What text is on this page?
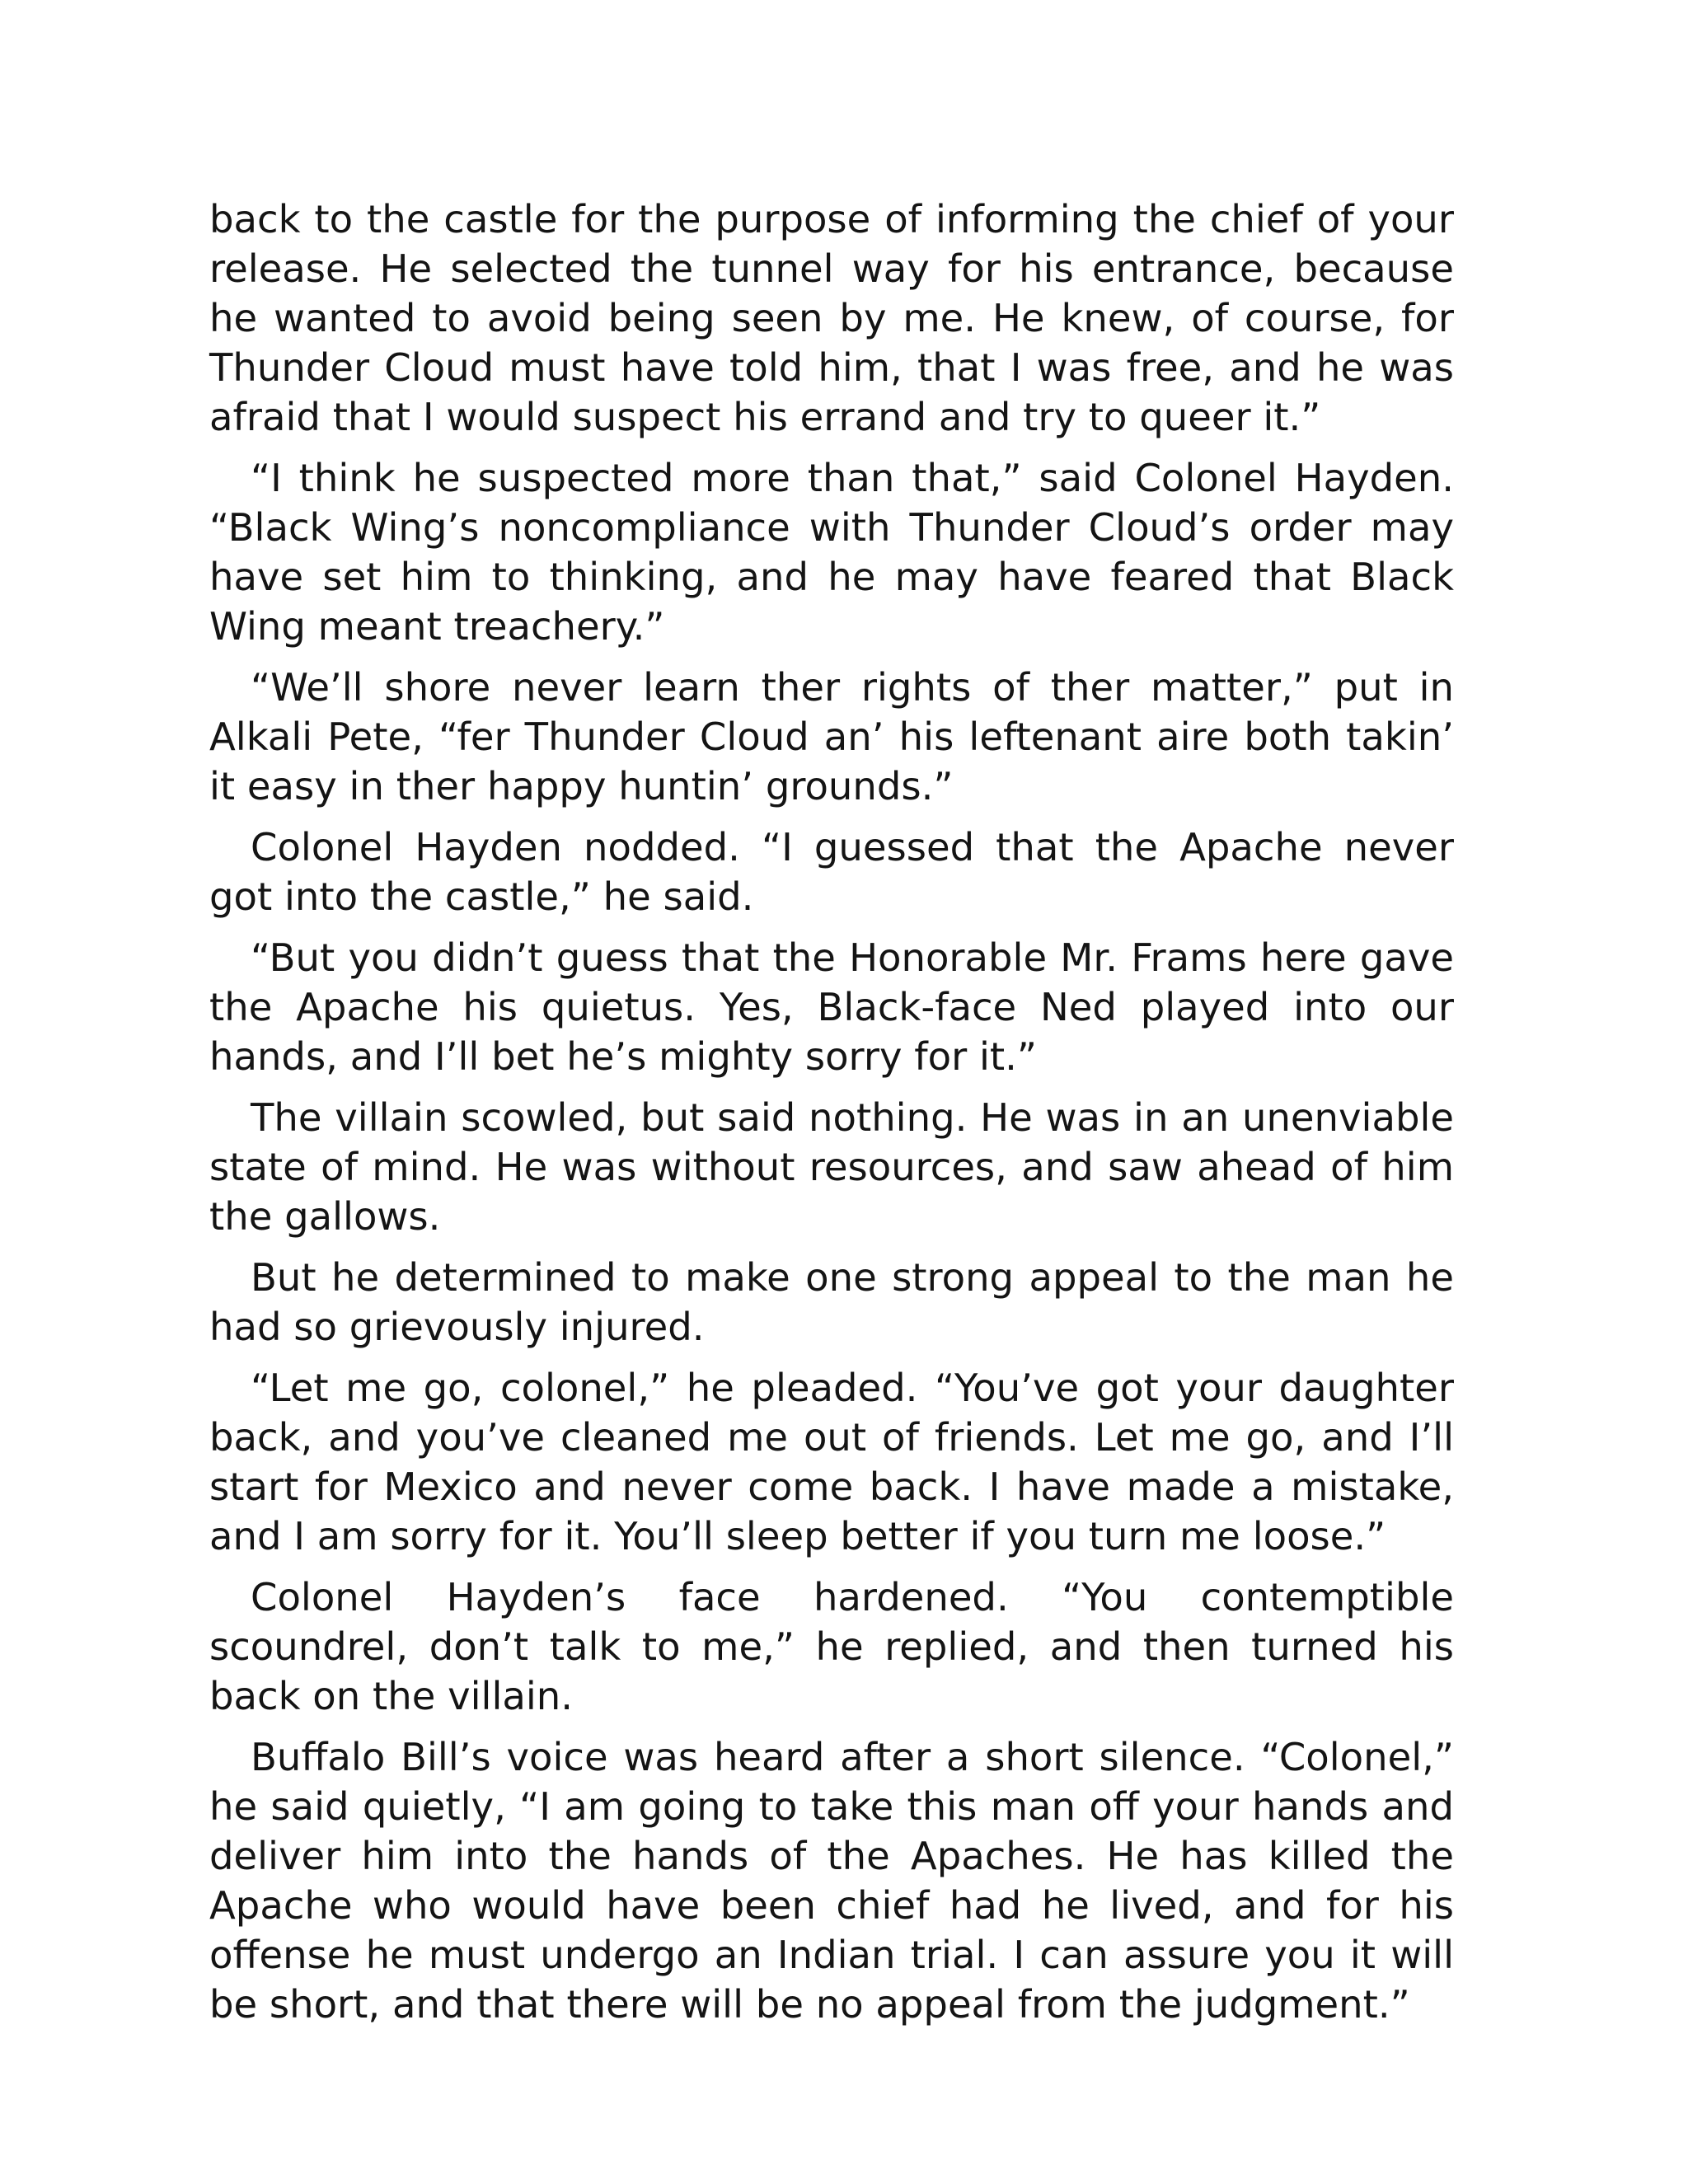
back to the castle for the purpose of informing the chief of your release. He selected the tunnel way for his entrance, because he wanted to avoid being seen by me. He knew, of course, for Thunder Cloud must have told him, that I was free, and he was afraid that I would suspect his errand and try to queer it.”

“I think he suspected more than that,” said Colonel Hayden. “Black Wing’s noncompliance with Thunder Cloud’s order may have set him to thinking, and he may have feared that Black Wing meant treachery.”

“We’ll shore never learn ther rights of ther matter,” put in Alkali Pete, “fer Thunder Cloud an’ his leftenant aire both takin’ it easy in ther happy huntin’ grounds.”

Colonel Hayden nodded. “I guessed that the Apache never got into the castle,” he said.

“But you didn’t guess that the Honorable Mr. Frams here gave the Apache his quietus. Yes, Black-face Ned played into our hands, and I’ll bet he’s mighty sorry for it.”

The villain scowled, but said nothing. He was in an unenviable state of mind. He was without resources, and saw ahead of him the gallows.

But he determined to make one strong appeal to the man he had so grievously injured.

“Let me go, colonel,” he pleaded. “You’ve got your daughter back, and you’ve cleaned me out of friends. Let me go, and I’ll start for Mexico and never come back. I have made a mistake, and I am sorry for it. You’ll sleep better if you turn me loose.”

Colonel Hayden’s face hardened. “You contemptible scoundrel, don’t talk to me,” he replied, and then turned his back on the villain.

Buffalo Bill’s voice was heard after a short silence. “Colonel,” he said quietly, “I am going to take this man off your hands and deliver him into the hands of the Apaches. He has killed the Apache who would have been chief had he lived, and for his offense he must undergo an Indian trial. I can assure you it will be short, and that there will be no appeal from the judgment.”
